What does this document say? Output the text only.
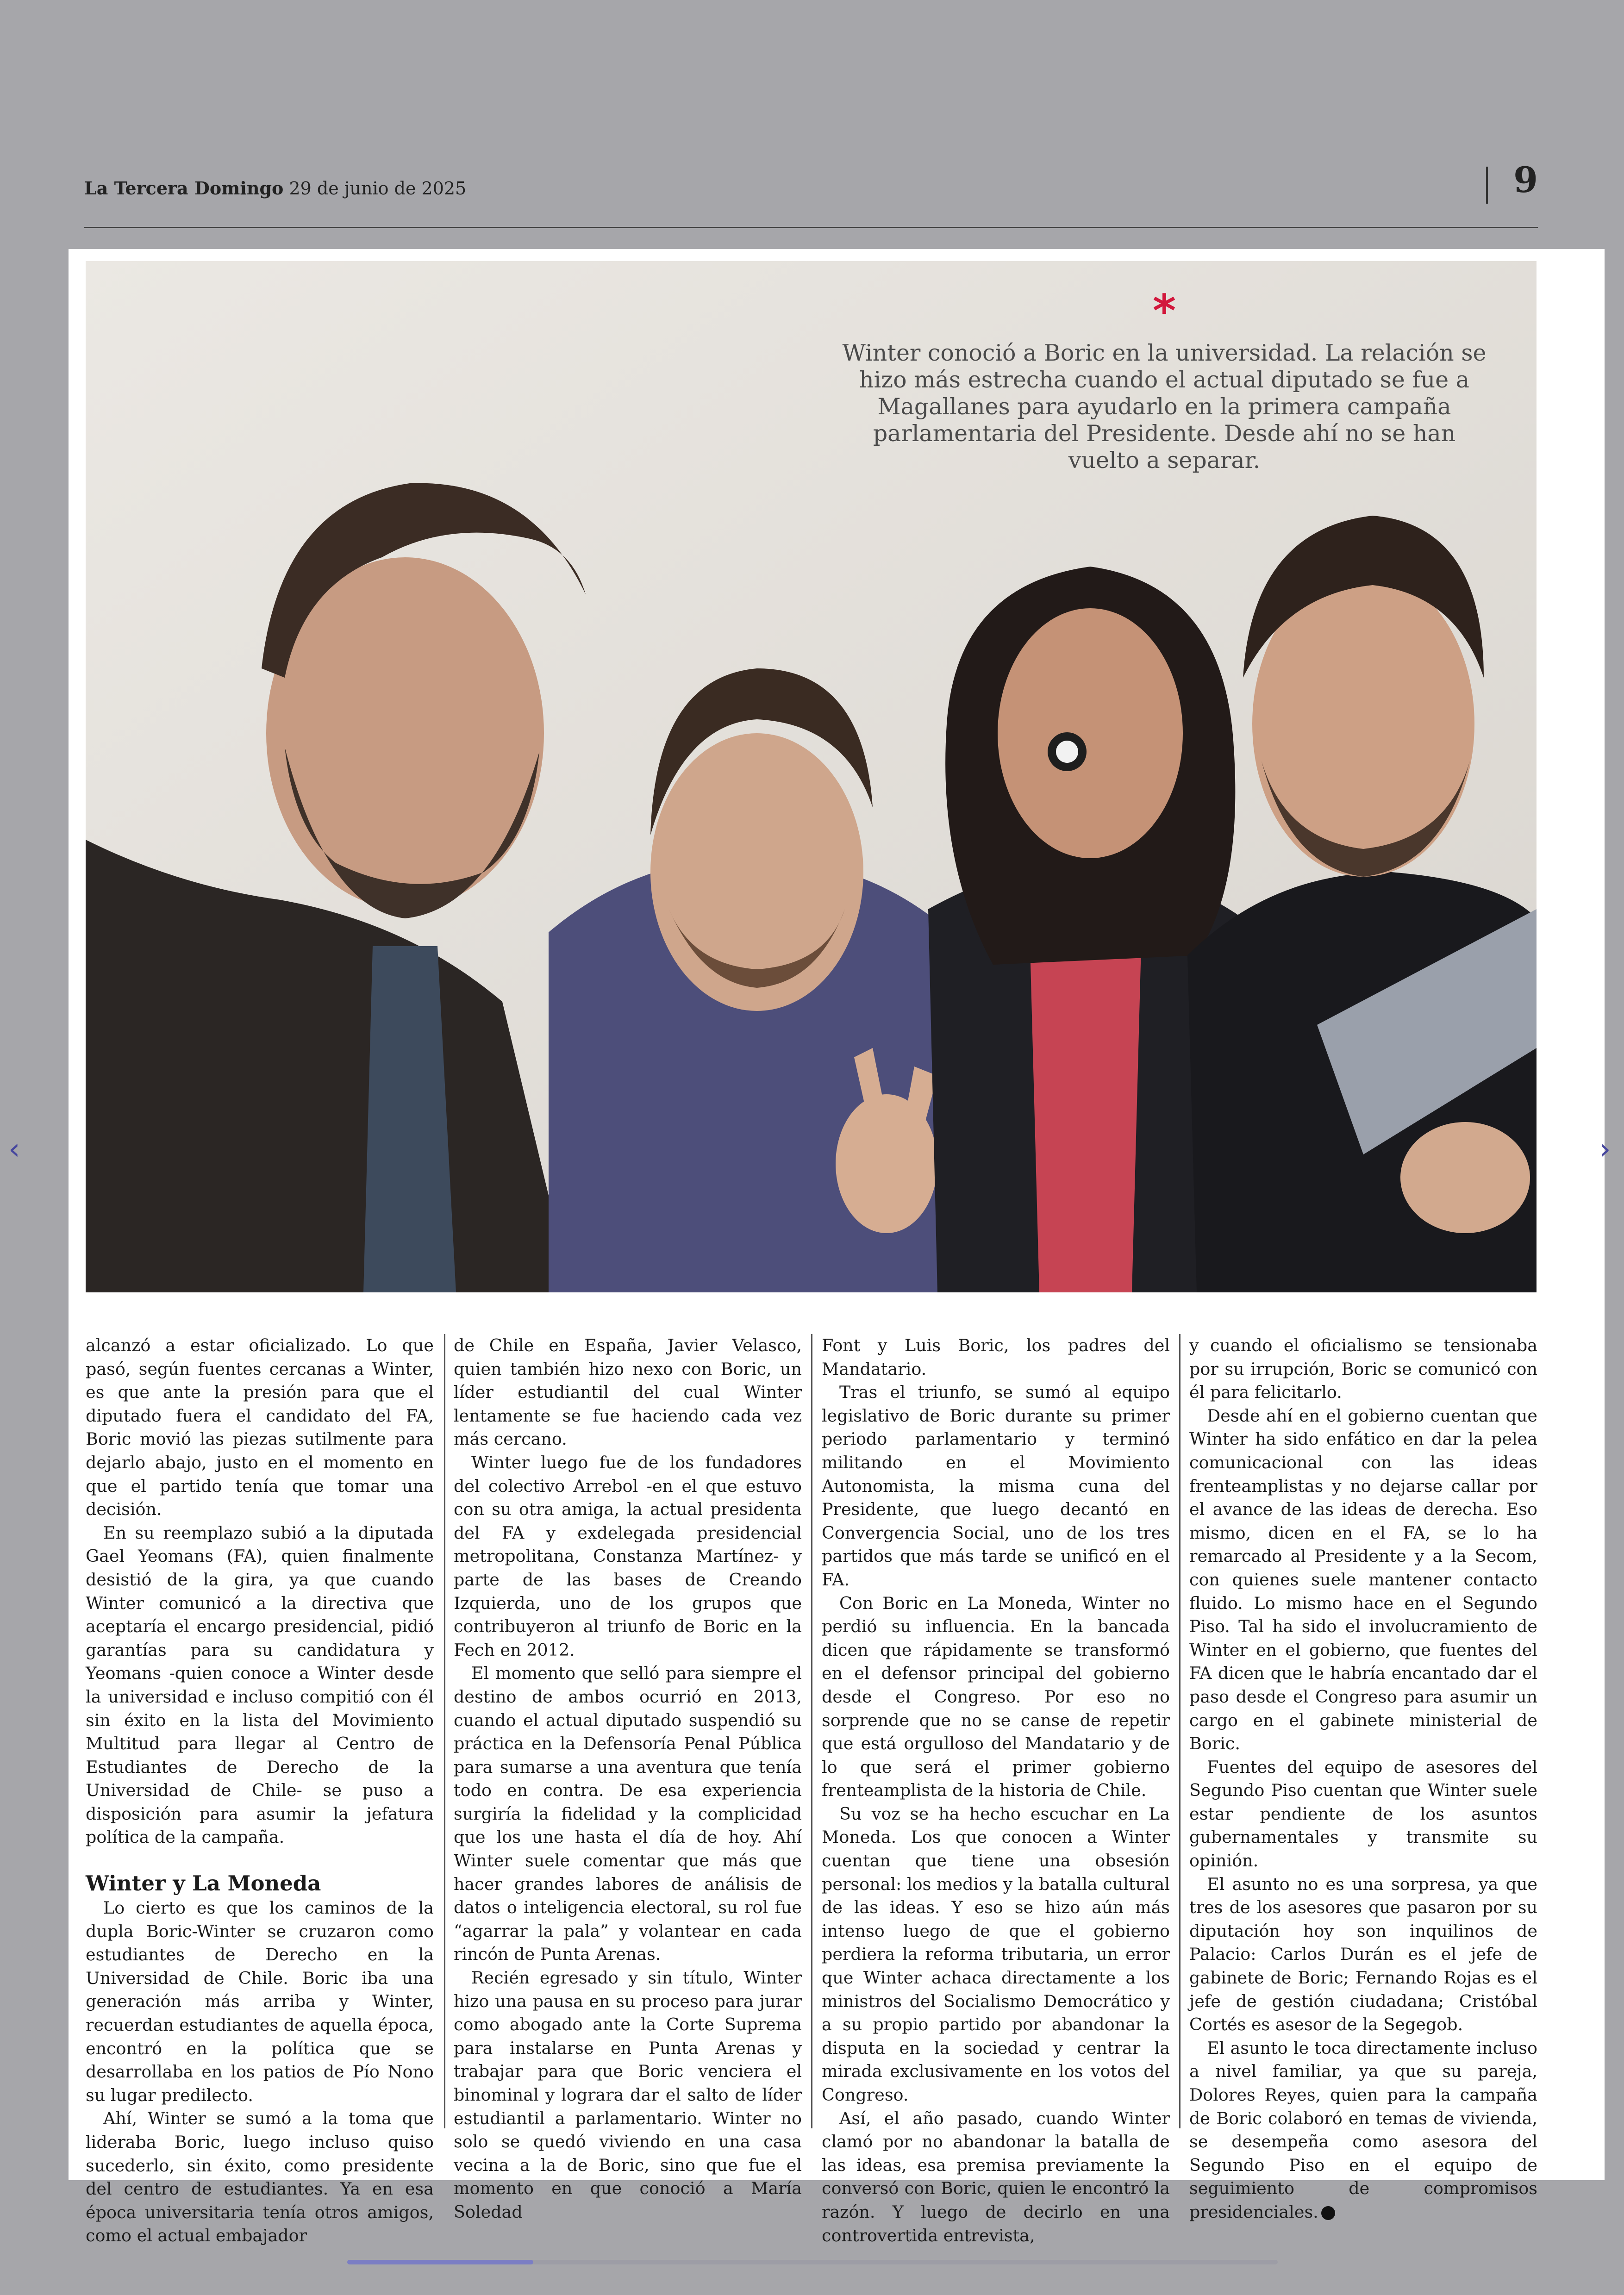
La Tercera Domingo 29 de junio de 2025	9
*
Winter conoció a Boric en la universidad. La relación se hizo más estrecha cuando el actual diputado se fue a Magallanes para ayudarlo en la primera campaña parlamentaria del Presidente. Desde ahí no se han vuelto a separar.

alcanzó a estar oficializado. Lo que pasó, según fuentes cercanas a Winter, es que ante la presión para que el diputado fuera el candidato del FA, Boric movió las piezas sutilmente para dejarlo abajo, justo en el momento en que el partido tenía que tomar una decisión.

En su reemplazo subió a la diputada Gael Yeomans (FA), quien finalmente desistió de la gira, ya que cuando Winter comunicó a la directiva que aceptaría el encargo presidencial, pidió garantías para su candidatura y Yeomans -quien conoce a Winter desde la universidad e incluso compitió con él sin éxito en la lista del Movimiento Multitud para llegar al Centro de Estudiantes de Derecho de la Universidad de Chile- se puso a disposición para asumir la jefatura política de la campaña.

Winter y La Moneda

Lo cierto es que los caminos de la dupla Boric-Winter se cruzaron como estudiantes de Derecho en la Universidad de Chile. Boric iba una generación más arriba y Winter, recuerdan estudiantes de aquella época, encontró en la política que se desarrollaba en los patios de Pío Nono su lugar predilecto.

Ahí, Winter se sumó a la toma que lideraba Boric, luego incluso quiso sucederlo, sin éxito, como presidente del centro de estudiantes. Ya en esa época universitaria tenía otros amigos, como el actual embajador

de Chile en España, Javier Velasco, quien también hizo nexo con Boric, un líder estudiantil del cual Winter lentamente se fue haciendo cada vez más cercano.

Winter luego fue de los fundadores del colectivo Arrebol -en el que estuvo con su otra amiga, la actual presidenta del FA y exdelegada presidencial metropolitana, Constanza Martínez- y parte de las bases de Creando Izquierda, uno de los grupos que contribuyeron al triunfo de Boric en la Fech en 2012.

El momento que selló para siempre el destino de ambos ocurrió en 2013, cuando el actual diputado suspendió su práctica en la Defensoría Penal Pública para sumarse a una aventura que tenía todo en contra. De esa experiencia surgiría la fidelidad y la complicidad que los une hasta el día de hoy. Ahí Winter suele comentar que más que hacer grandes labores de análisis de datos o inteligencia electoral, su rol fue “agarrar la pala” y volantear en cada rincón de Punta Arenas.

Recién egresado y sin título, Winter hizo una pausa en su proceso para jurar como abogado ante la Corte Suprema para instalarse en Punta Arenas y trabajar para que Boric venciera el binominal y lograra dar el salto de líder estudiantil a parlamentario. Winter no solo se quedó viviendo en una casa vecina a la de Boric, sino que fue el momento en que conoció a María Soledad

Font y Luis Boric, los padres del Mandatario.

Tras el triunfo, se sumó al equipo legislativo de Boric durante su primer periodo parlamentario y terminó militando en el Movimiento Autonomista, la misma cuna del Presidente, que luego decantó en Convergencia Social, uno de los tres partidos que más tarde se unificó en el FA.

Con Boric en La Moneda, Winter no perdió su influencia. En la bancada dicen que rápidamente se transformó en el defensor principal del gobierno desde el Congreso. Por eso no sorprende que no se canse de repetir que está orgulloso del Mandatario y de lo que será el primer gobierno frenteamplista de la historia de Chile.

Su voz se ha hecho escuchar en La Moneda. Los que conocen a Winter cuentan que tiene una obsesión personal: los medios y la batalla cultural de las ideas. Y eso se hizo aún más intenso luego de que el gobierno perdiera la reforma tributaria, un error que Winter achaca directamente a los ministros del Socialismo Democrático y a su propio partido por abandonar la disputa en la sociedad y centrar la mirada exclusivamente en los votos del Congreso.

Así, el año pasado, cuando Winter clamó por no abandonar la batalla de las ideas, esa premisa previamente la conversó con Boric, quien le encontró la razón. Y luego de decirlo en una controvertida entrevista,

y cuando el oficialismo se tensionaba por su irrupción, Boric se comunicó con él para felicitarlo.

Desde ahí en el gobierno cuentan que Winter ha sido enfático en dar la pelea comunicacional con las ideas frenteamplistas y no dejarse callar por el avance de las ideas de derecha. Eso mismo, dicen en el FA, se lo ha remarcado al Presidente y a la Secom, con quienes suele mantener contacto fluido. Lo mismo hace en el Segundo Piso. Tal ha sido el involucramiento de Winter en el gobierno, que fuentes del FA dicen que le habría encantado dar el paso desde el Congreso para asumir un cargo en el gabinete ministerial de Boric.

Fuentes del equipo de asesores del Segundo Piso cuentan que Winter suele estar pendiente de los asuntos gubernamentales y transmite su opinión.

El asunto no es una sorpresa, ya que tres de los asesores que pasaron por su diputación hoy son inquilinos de Palacio: Carlos Durán es el jefe de gabinete de Boric; Fernando Rojas es el jefe de gestión ciudadana; Cristóbal Cortés es asesor de la Segegob.

El asunto le toca directamente incluso a nivel familiar, ya que su pareja, Dolores Reyes, quien para la campaña de Boric colaboró en temas de vivienda, se desempeña como asesora del Segundo Piso en el equipo de seguimiento de compromisos presidenciales.

‹	›
